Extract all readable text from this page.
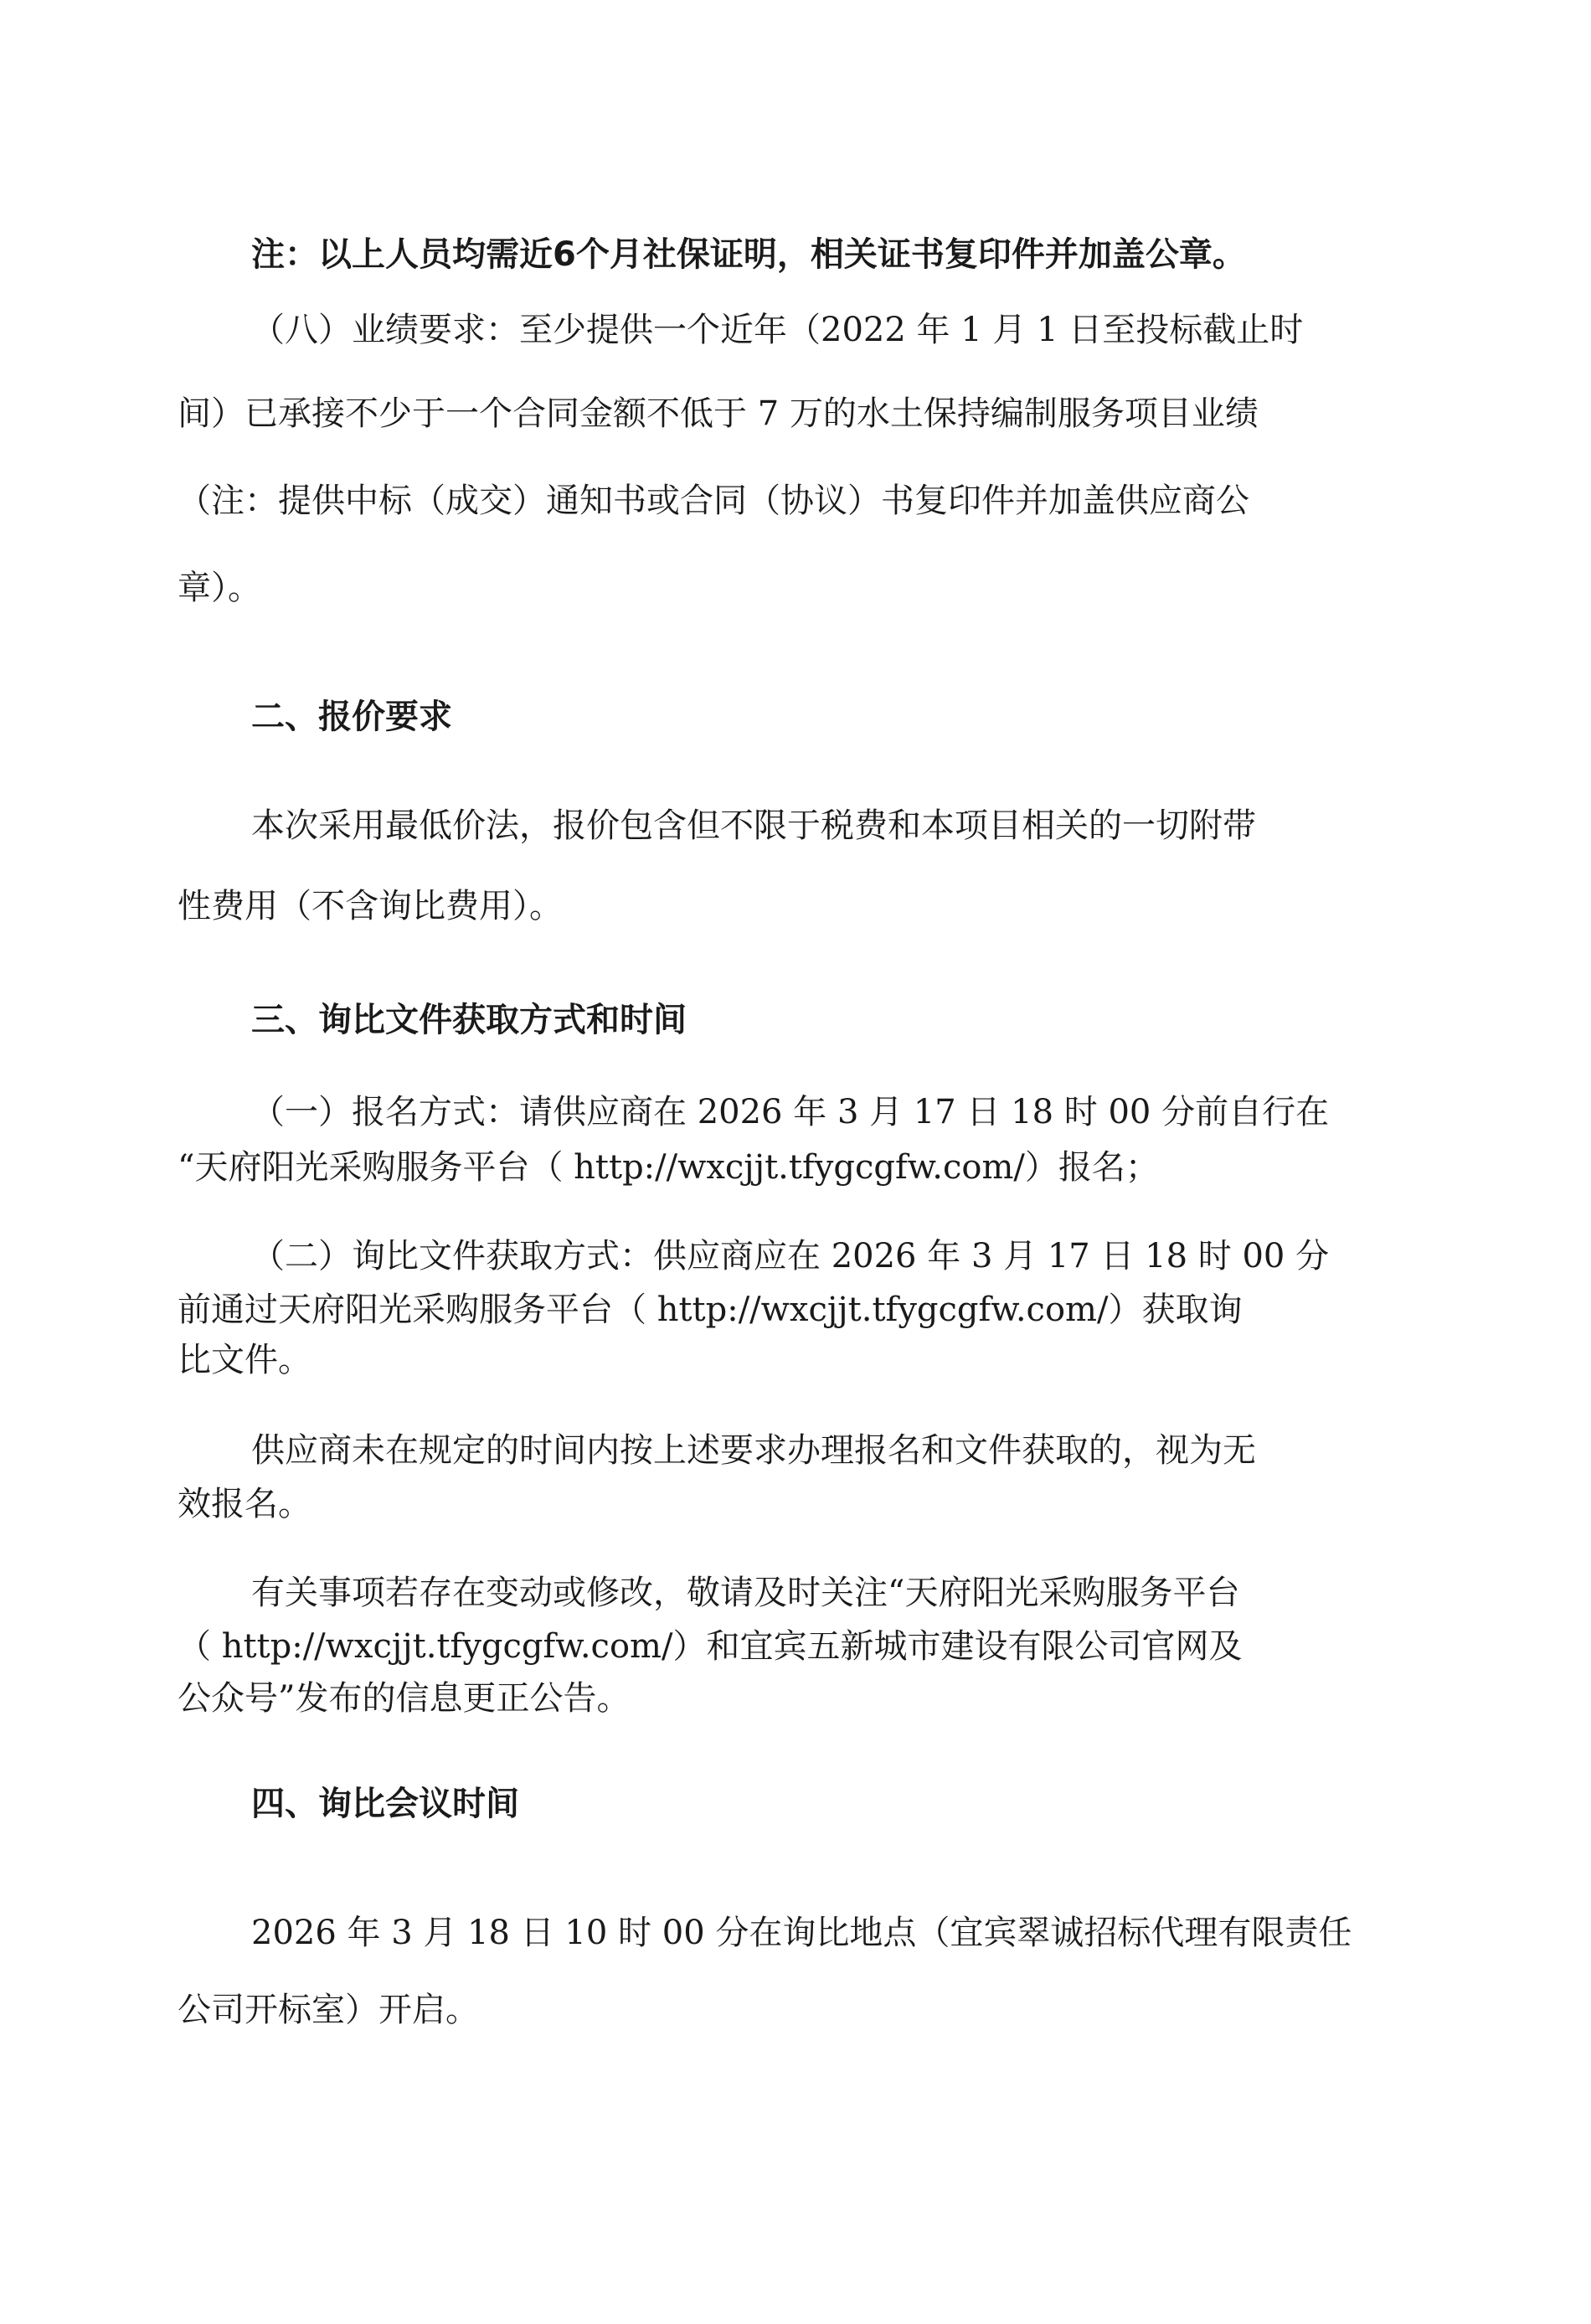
注：以上人员均需近6个月社保证明，相关证书复印件并加盖公章。
（八）业绩要求：至少提供一个近年（2022 年 1 月 1 日至投标截止时
间）已承接不少于一个合同金额不低于 7 万的水土保持编制服务项目业绩
（注：提供中标（成交）通知书或合同（协议）书复印件并加盖供应商公
章）。
二、报价要求
本次采用最低价法，报价包含但不限于税费和本项目相关的一切附带
性费用（不含询比费用）。
三、询比文件获取方式和时间
（一）报名方式：请供应商在 2026 年 3 月 17 日 18 时 00 分前自行在
“天府阳光采购服务平台（ http://wxcjjt.tfygcgfw.com/）报名；
（二）询比文件获取方式：供应商应在 2026 年 3 月 17 日 18 时 00 分
前通过天府阳光采购服务平台（ http://wxcjjt.tfygcgfw.com/）获取询
比文件。
供应商未在规定的时间内按上述要求办理报名和文件获取的，视为无
效报名。
有关事项若存在变动或修改，敬请及时关注“天府阳光采购服务平台
（ http://wxcjjt.tfygcgfw.com/）和宜宾五新城市建设有限公司官网及
公众号”发布的信息更正公告。
四、询比会议时间
2026 年 3 月 18 日 10 时 00 分在询比地点（宜宾翠诚招标代理有限责任
公司开标室）开启。
